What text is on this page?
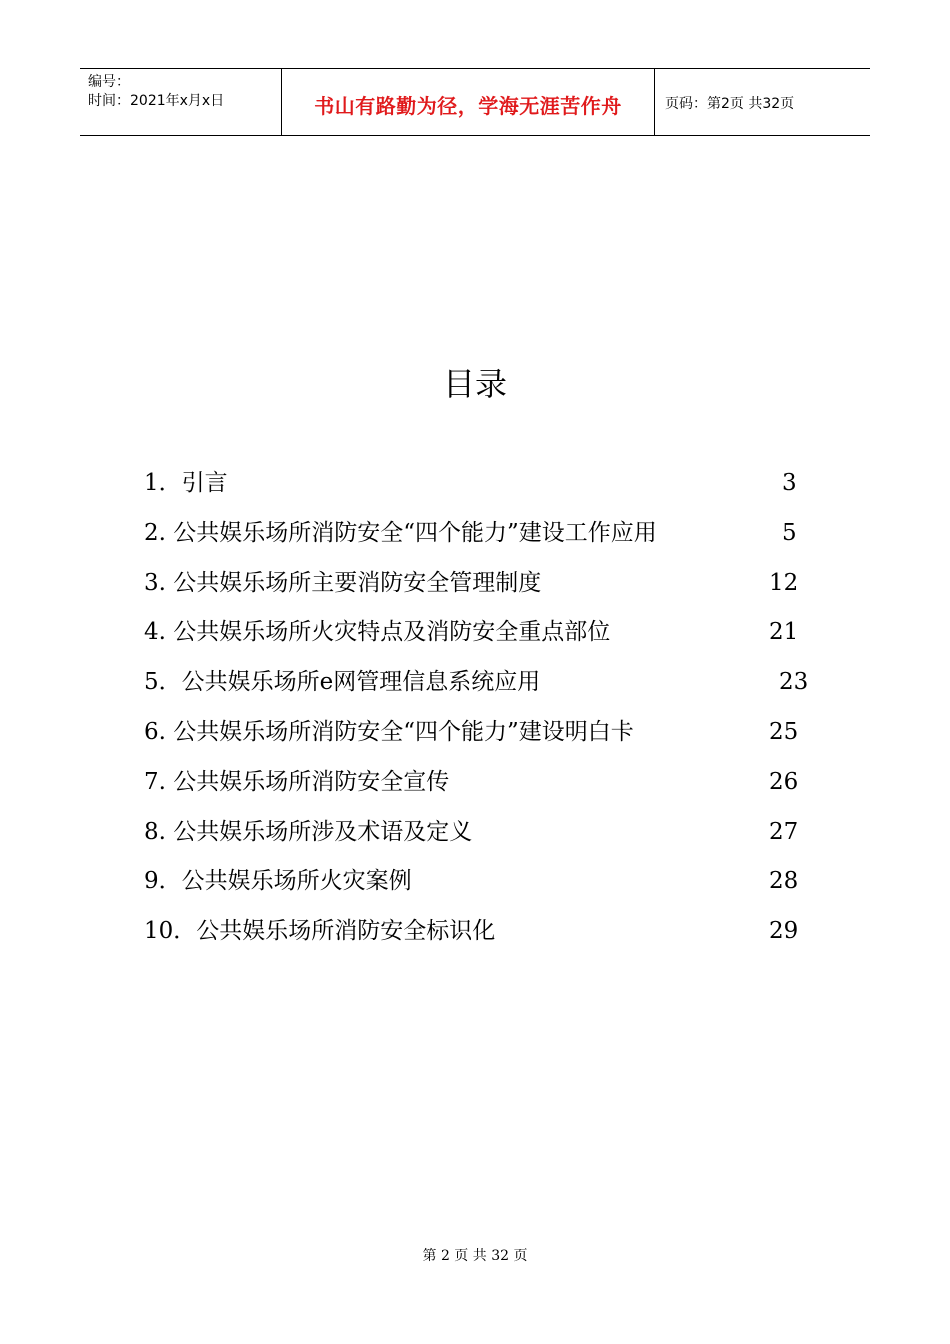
编号：
时间：2021年x月x日	书山有路勤为径，学海无涯苦作舟	页码：第2页 共32页
目录
1．引言	3
2. 公共娱乐场所消防安全“四个能力”建设工作应用	5
3. 公共娱乐场所主要消防安全管理制度	12
4. 公共娱乐场所火灾特点及消防安全重点部位	21
5．公共娱乐场所e网管理信息系统应用	23
6. 公共娱乐场所消防安全“四个能力”建设明白卡	25
7. 公共娱乐场所消防安全宣传	26
8. 公共娱乐场所涉及术语及定义	27
9．公共娱乐场所火灾案例	28
10．公共娱乐场所消防安全标识化	29
第 2 页 共 32 页
